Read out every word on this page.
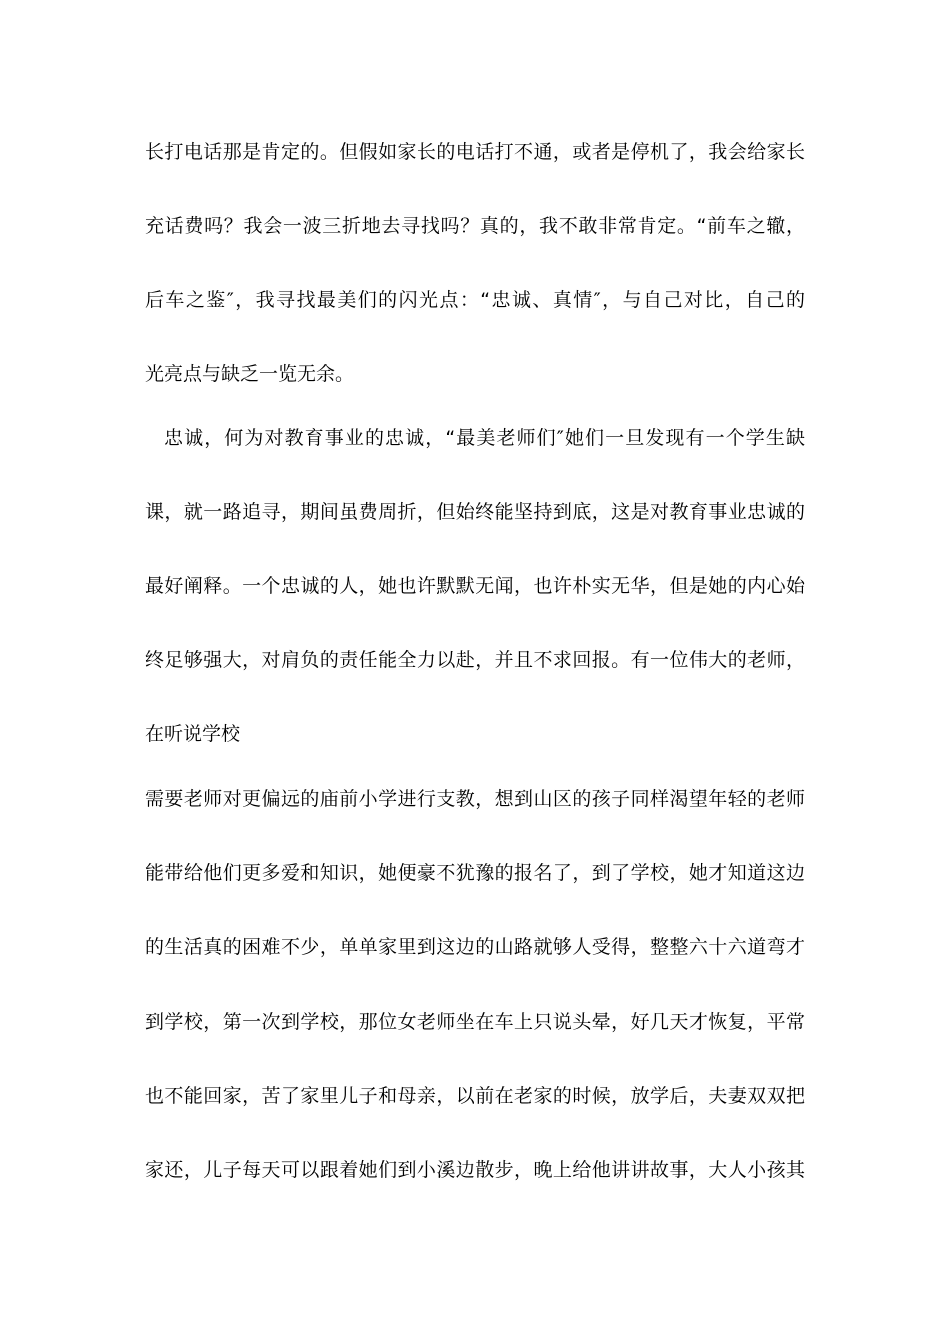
长打电话那是肯定的。但假如家长的电话打不通，或者是停机了，我会给家长
充话费吗？我会一波三折地去寻找吗？真的，我不敢非常肯定。“前车之辙，
后车之鉴″，我寻找最美们的闪光点：“忠诚、真情″，与自己对比，自己的
光亮点与缺乏一览无余。
忠诚，何为对教育事业的忠诚，“最美老师们″她们一旦发现有一个学生缺
课，就一路追寻，期间虽费周折，但始终能坚持到底，这是对教育事业忠诚的
最好阐释。一个忠诚的人，她也许默默无闻，也许朴实无华，但是她的内心始
终足够强大，对肩负的责任能全力以赴，并且不求回报。有一位伟大的老师，
在听说学校
需要老师对更偏远的庙前小学进行支教，想到山区的孩子同样渴望年轻的老师
能带给他们更多爱和知识，她便豪不犹豫的报名了，到了学校，她才知道这边
的生活真的困难不少，单单家里到这边的山路就够人受得，整整六十六道弯才
到学校，第一次到学校，那位女老师坐在车上只说头晕，好几天才恢复，平常
也不能回家，苦了家里儿子和母亲，以前在老家的时候，放学后，夫妻双双把
家还，儿子每天可以跟着她们到小溪边散步，晚上给他讲讲故事，大人小孩其
